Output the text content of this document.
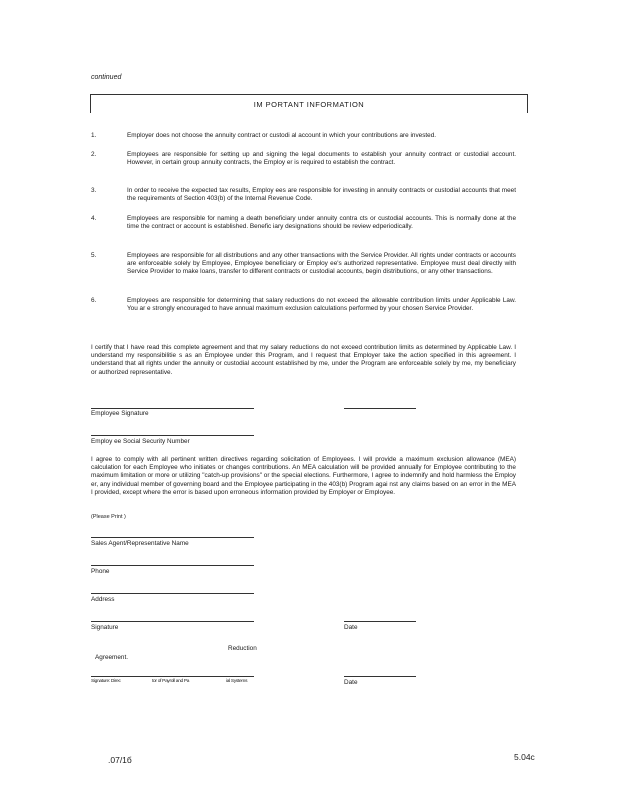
continued
IM PORTANT INFORMATION
1.	Employer does not choose the annuity contract or custodi al account in which your contributions are invested.
2.	Employees are responsible for setting up and signing the legal documents to establish your annuity contract or custodial account. However, in certain group annuity contracts, the Employ er is required to establish the contract.
3.	In order to receive the expected tax results, Employ ees are responsible for investing in annuity contracts or custodial accounts that meet the requirements of Section 403(b) of the Internal Revenue Code.
4.	Employees are responsible for naming a death beneficiary under annuity contra cts or custodial accounts. This is normally done at the time the contract or account is established. Benefic iary designations should be review edperiodically.
5.	Employees are responsible for all distributions and any other transactions with the Service Provider. All rights under contracts or accounts are enforceable solely by Employee, Employee beneficiary or Employ ee's authorized representative. Employee must deal directly with Service Provider to make loans, transfer to different contracts or custodial accounts, begin distributions, or any other transactions.
6.	Employees are responsible for determining that salary reductions do not exceed the allowable contribution limits under Applicable Law. You ar e strongly encouraged to have annual maximum exclusion calculations performed by your chosen Service Provider.
I certify that I have read this complete agreement and that my salary reductions do not exceed contribution limits as determined by Applicable Law. I understand my responsibilitie s as an Employee under this Program, and I request that Employer take the action specified in this agreement. I understand that all rights under the annuity or custodial account established by me, under the Program are enforceable solely by me, my beneficiary or authorized representative.
Employee Signature
Employ ee Social Security Number
I agree to comply with all pertinent written directives regarding solicitation of Employees. I will provide a maximum exclusion allowance (MEA) calculation for each Employee who initiates or changes contributions. An MEA calculation will be provided annually for Employee contributing to the maximum limitation or more or utilizing "catch-up provisions" or the special elections. Furthermore, I agree to indemnify and hold harmless the Employ er, any individual member of governing board and the Employee participating in the 403(b) Program agai nst any claims based on an error in the MEA I provided, except where the error is based upon erroneous information provided by Employer or Employee.
(Please Print )
Sales Agent/Representative Name
Phone
Address
Signature	Date
Reduction
Agreement.
Signature: Direc	tor of Payroll and Pa	ial Systems	Date
.07/1б	5.04c
